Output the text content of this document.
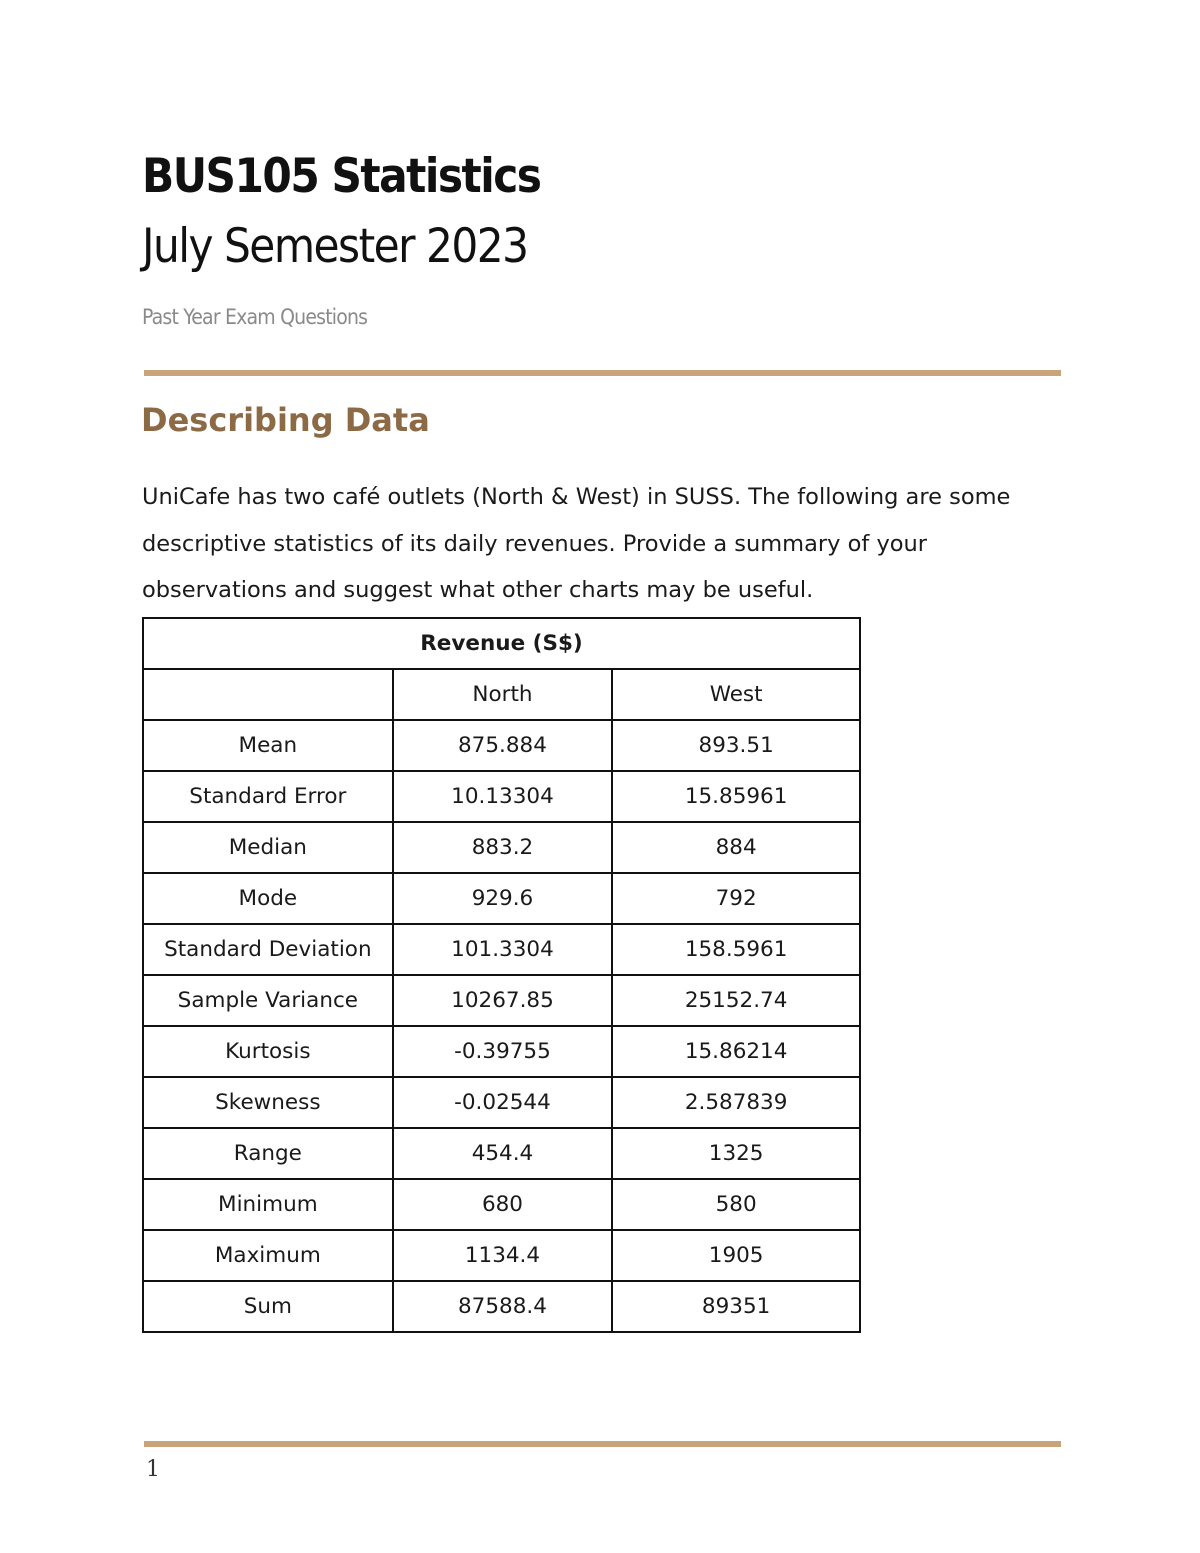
BUS105 Statistics
July Semester 2023

Past Year Exam Questions

Describing Data

UniCafe has two café outlets (North & West) in SUSS. The following are some descriptive statistics of its daily revenues. Provide a summary of your observations and suggest what other charts may be useful.

Revenue (S$)		
	North	West
Mean	875.884	893.51
Standard Error	10.13304	15.85961
Median	883.2	884
Mode	929.6	792
Standard Deviation	101.3304	158.5961
Sample Variance	10267.85	25152.74
Kurtosis	-0.39755	15.86214
Skewness	-0.02544	2.587839
Range	454.4	1325
Minimum	680	580
Maximum	1134.4	1905
Sum	87588.4	89351

1
